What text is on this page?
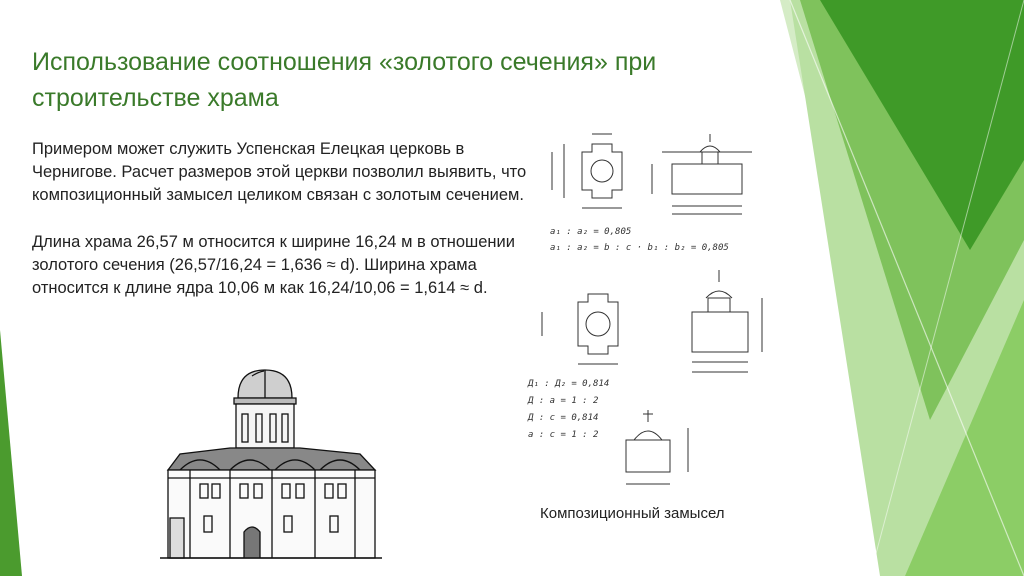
Использование соотношения «золотого сечения» при строительстве храма

Примером может служить Успенская Елецкая церковь в Чернигове. Расчет размеров этой церкви позволил выявить, что композиционный замысел целиком связан с золотым сечением.

Длина храма 26,57 м относится к ширине 16,24 м в отношении золотого сечения (26,57/16,24 = 1,636 ≈ d). Ширина храма относится к длине ядра 10,06 м как 16,24/10,06 = 1,614 ≈ d.

a₁ : a₂ = 0,805
a₁ : a₂ = b : c · b₁ : b₂ = 0,805
Д₁ : Д₂ = 0,814
Д : a = 1 : 2
Д : c = 0,814
a : c = 1 : 2
Композиционный замысел
